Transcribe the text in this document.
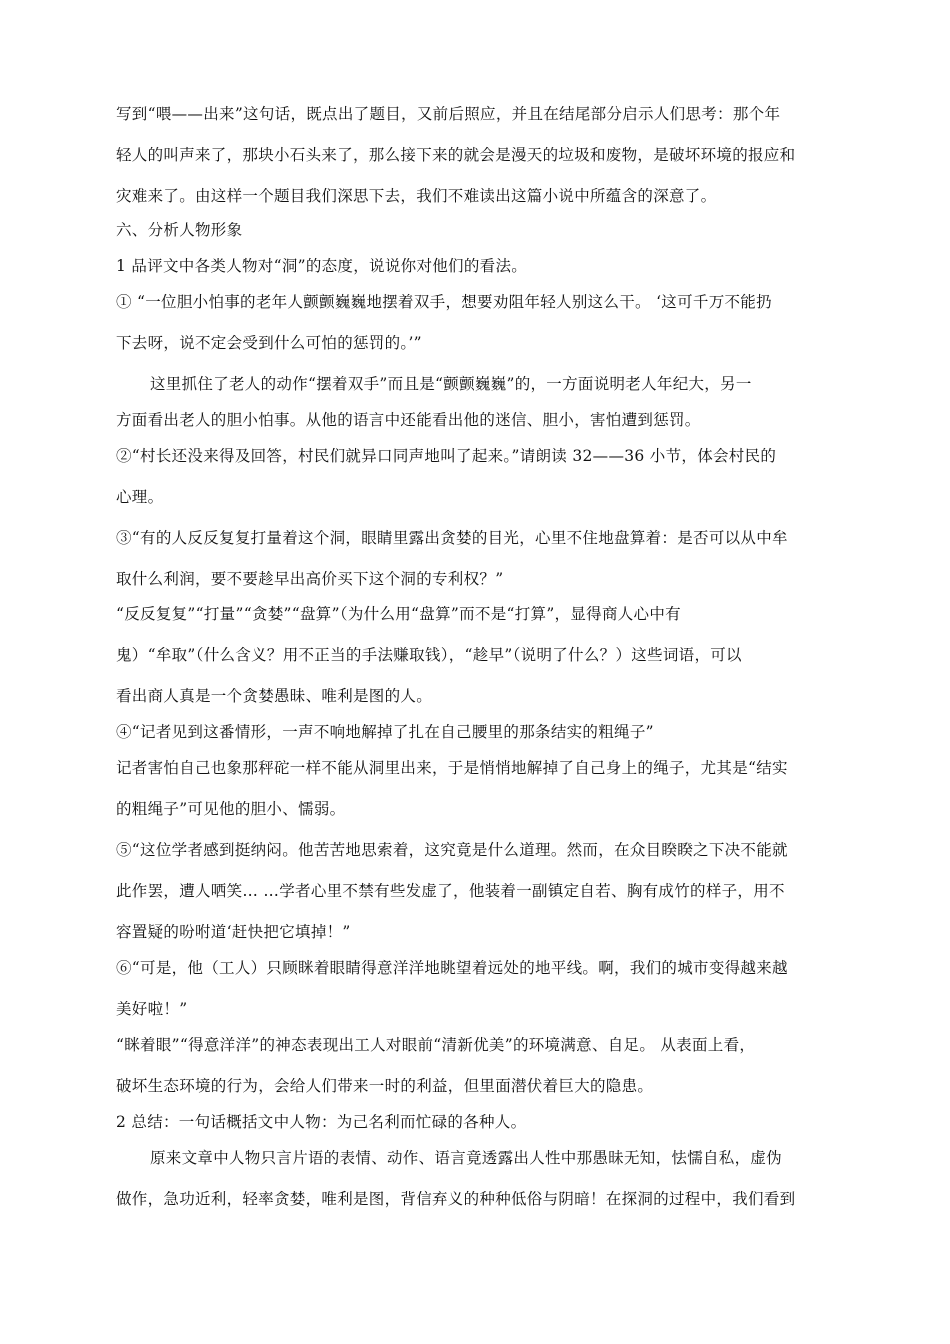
写到“喂——出来”这句话，既点出了题目，又前后照应，并且在结尾部分启示人们思考：那个年
轻人的叫声来了，那块小石头来了，那么接下来的就会是漫天的垃圾和废物，是破坏环境的报应和
灾难来了。由这样一个题目我们深思下去，我们不难读出这篇小说中所蕴含的深意了。
六、分析人物形象
1 品评文中各类人物对“洞”的态度，说说你对他们的看法。
① “一位胆小怕事的老年人颤颤巍巍地摆着双手，想要劝阻年轻人别这么干。 ‘这可千万不能扔
下去呀，说不定会受到什么可怕的惩罚的。’”
这里抓住了老人的动作“摆着双手”而且是“颤颤巍巍”的，一方面说明老人年纪大，另一
方面看出老人的胆小怕事。从他的语言中还能看出他的迷信、胆小，害怕遭到惩罚。
②“村长还没来得及回答，村民们就异口同声地叫了起来。”请朗读 32——36 小节，体会村民的
心理。
③“有的人反反复复打量着这个洞，眼睛里露出贪婪的目光，心里不住地盘算着：是否可以从中牟
取什么利润，要不要趁早出高价买下这个洞的专利权？”
“反反复复”“打量”“贪婪”“盘算”（为什么用“盘算”而不是“打算”，显得商人心中有
鬼）“牟取”（什么含义？用不正当的手法赚取钱），“趁早”（说明了什么？）这些词语，可以
看出商人真是一个贪婪愚昧、唯利是图的人。
④“记者见到这番情形，一声不响地解掉了扎在自己腰里的那条结实的粗绳子”
记者害怕自己也象那秤砣一样不能从洞里出来，于是悄悄地解掉了自己身上的绳子，尤其是“结实
的粗绳子”可见他的胆小、懦弱。
⑤“这位学者感到挺纳闷。他苦苦地思索着，这究竟是什么道理。然而，在众目睽睽之下决不能就
此作罢，遭人哂笑… …学者心里不禁有些发虚了，他装着一副镇定自若、胸有成竹的样子，用不
容置疑的吩咐道‘赶快把它填掉！”
⑥“可是，他（工人）只顾眯着眼睛得意洋洋地眺望着远处的地平线。啊，我们的城市变得越来越
美好啦！”
“眯着眼”“得意洋洋”的神态表现出工人对眼前“清新优美”的环境满意、自足。 从表面上看，
破坏生态环境的行为，会给人们带来一时的利益，但里面潜伏着巨大的隐患。
2 总结：一句话概括文中人物：为己名利而忙碌的各种人。
原来文章中人物只言片语的表情、动作、语言竟透露出人性中那愚昧无知，怯懦自私，虚伪
做作，急功近利，轻率贪婪，唯利是图，背信弃义的种种低俗与阴暗！在探洞的过程中，我们看到
